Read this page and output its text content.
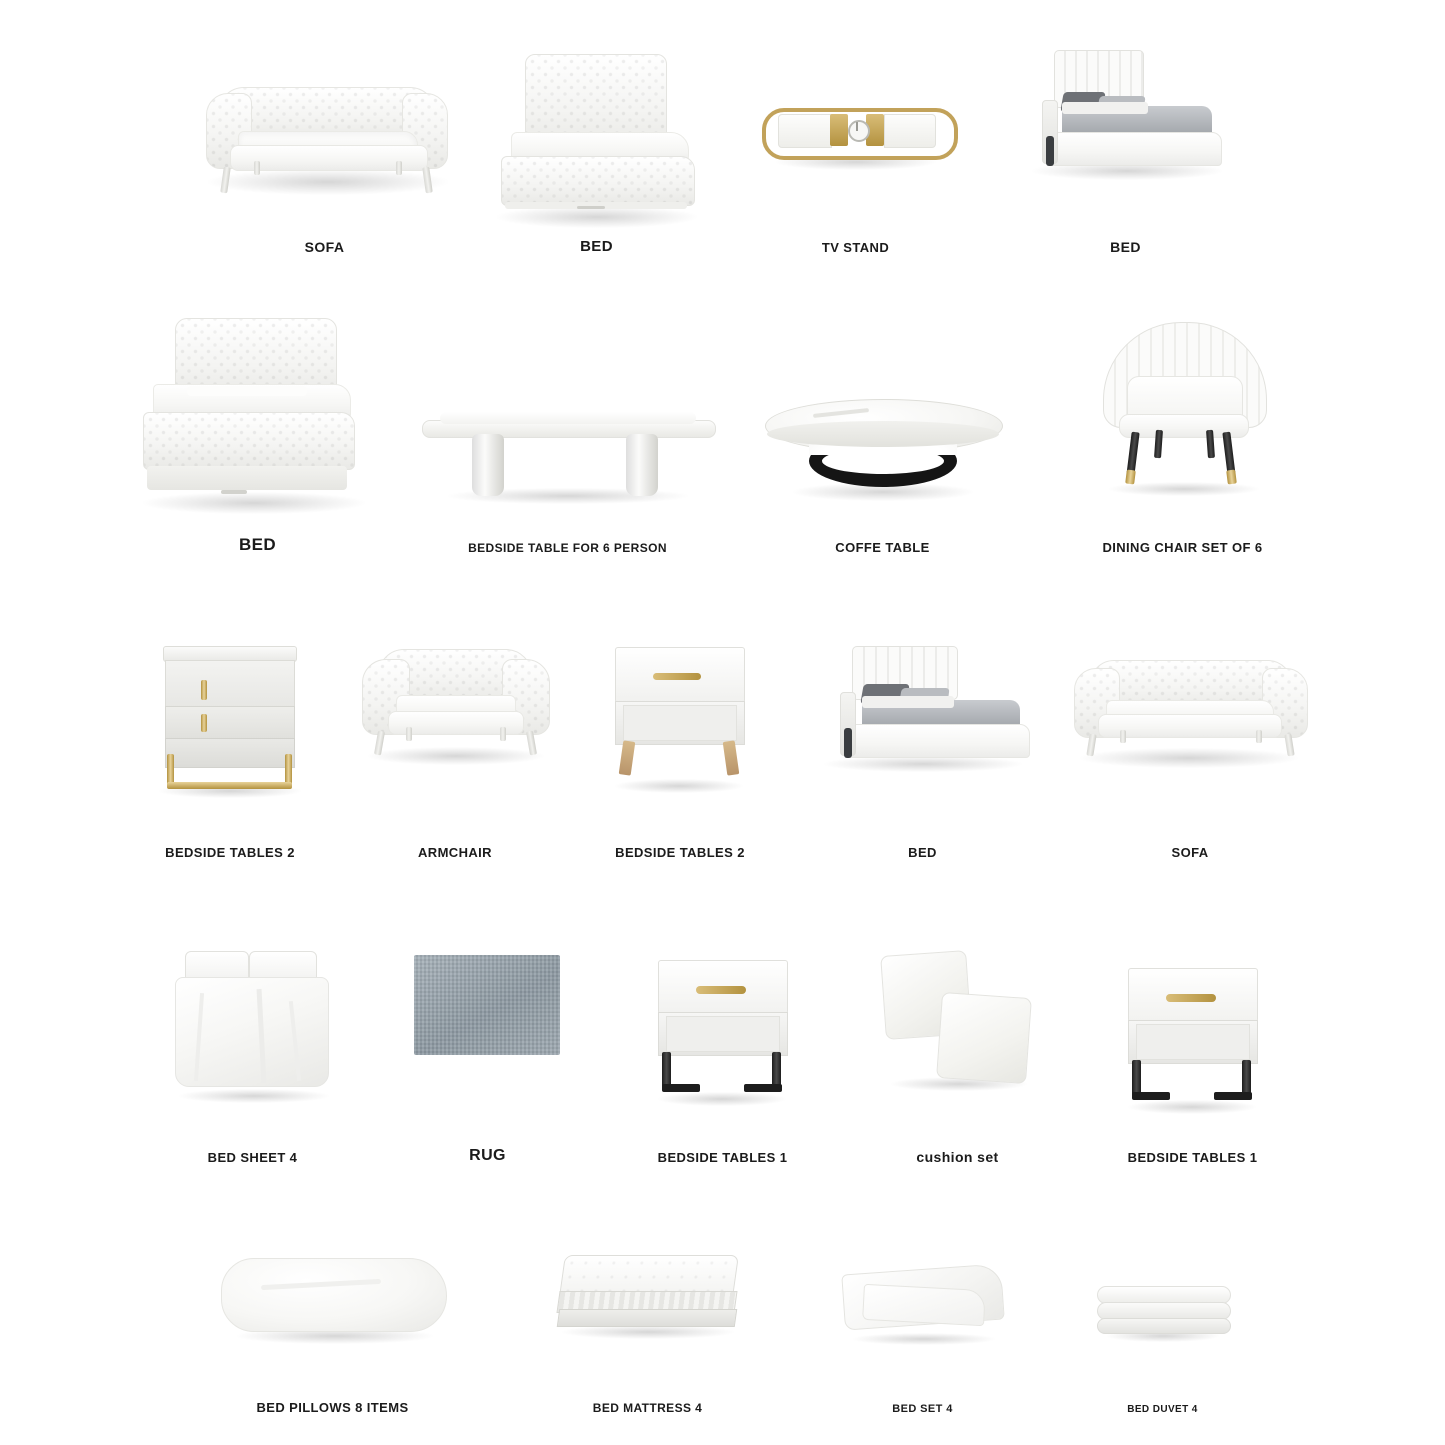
SOFA	BED	TV STAND	BED
BED	BEDSIDE TABLE FOR 6 PERSON	COFFE TABLE	DINING CHAIR SET OF 6
BEDSIDE TABLES 2	ARMCHAIR	BEDSIDE TABLES 2	BED	SOFA
BED SHEET 4	RUG	BEDSIDE TABLES 1	cushion set	BEDSIDE TABLES 1
BED PILLOWS 8 ITEMS	BED MATTRESS 4	BED SET 4	BED DUVET 4
